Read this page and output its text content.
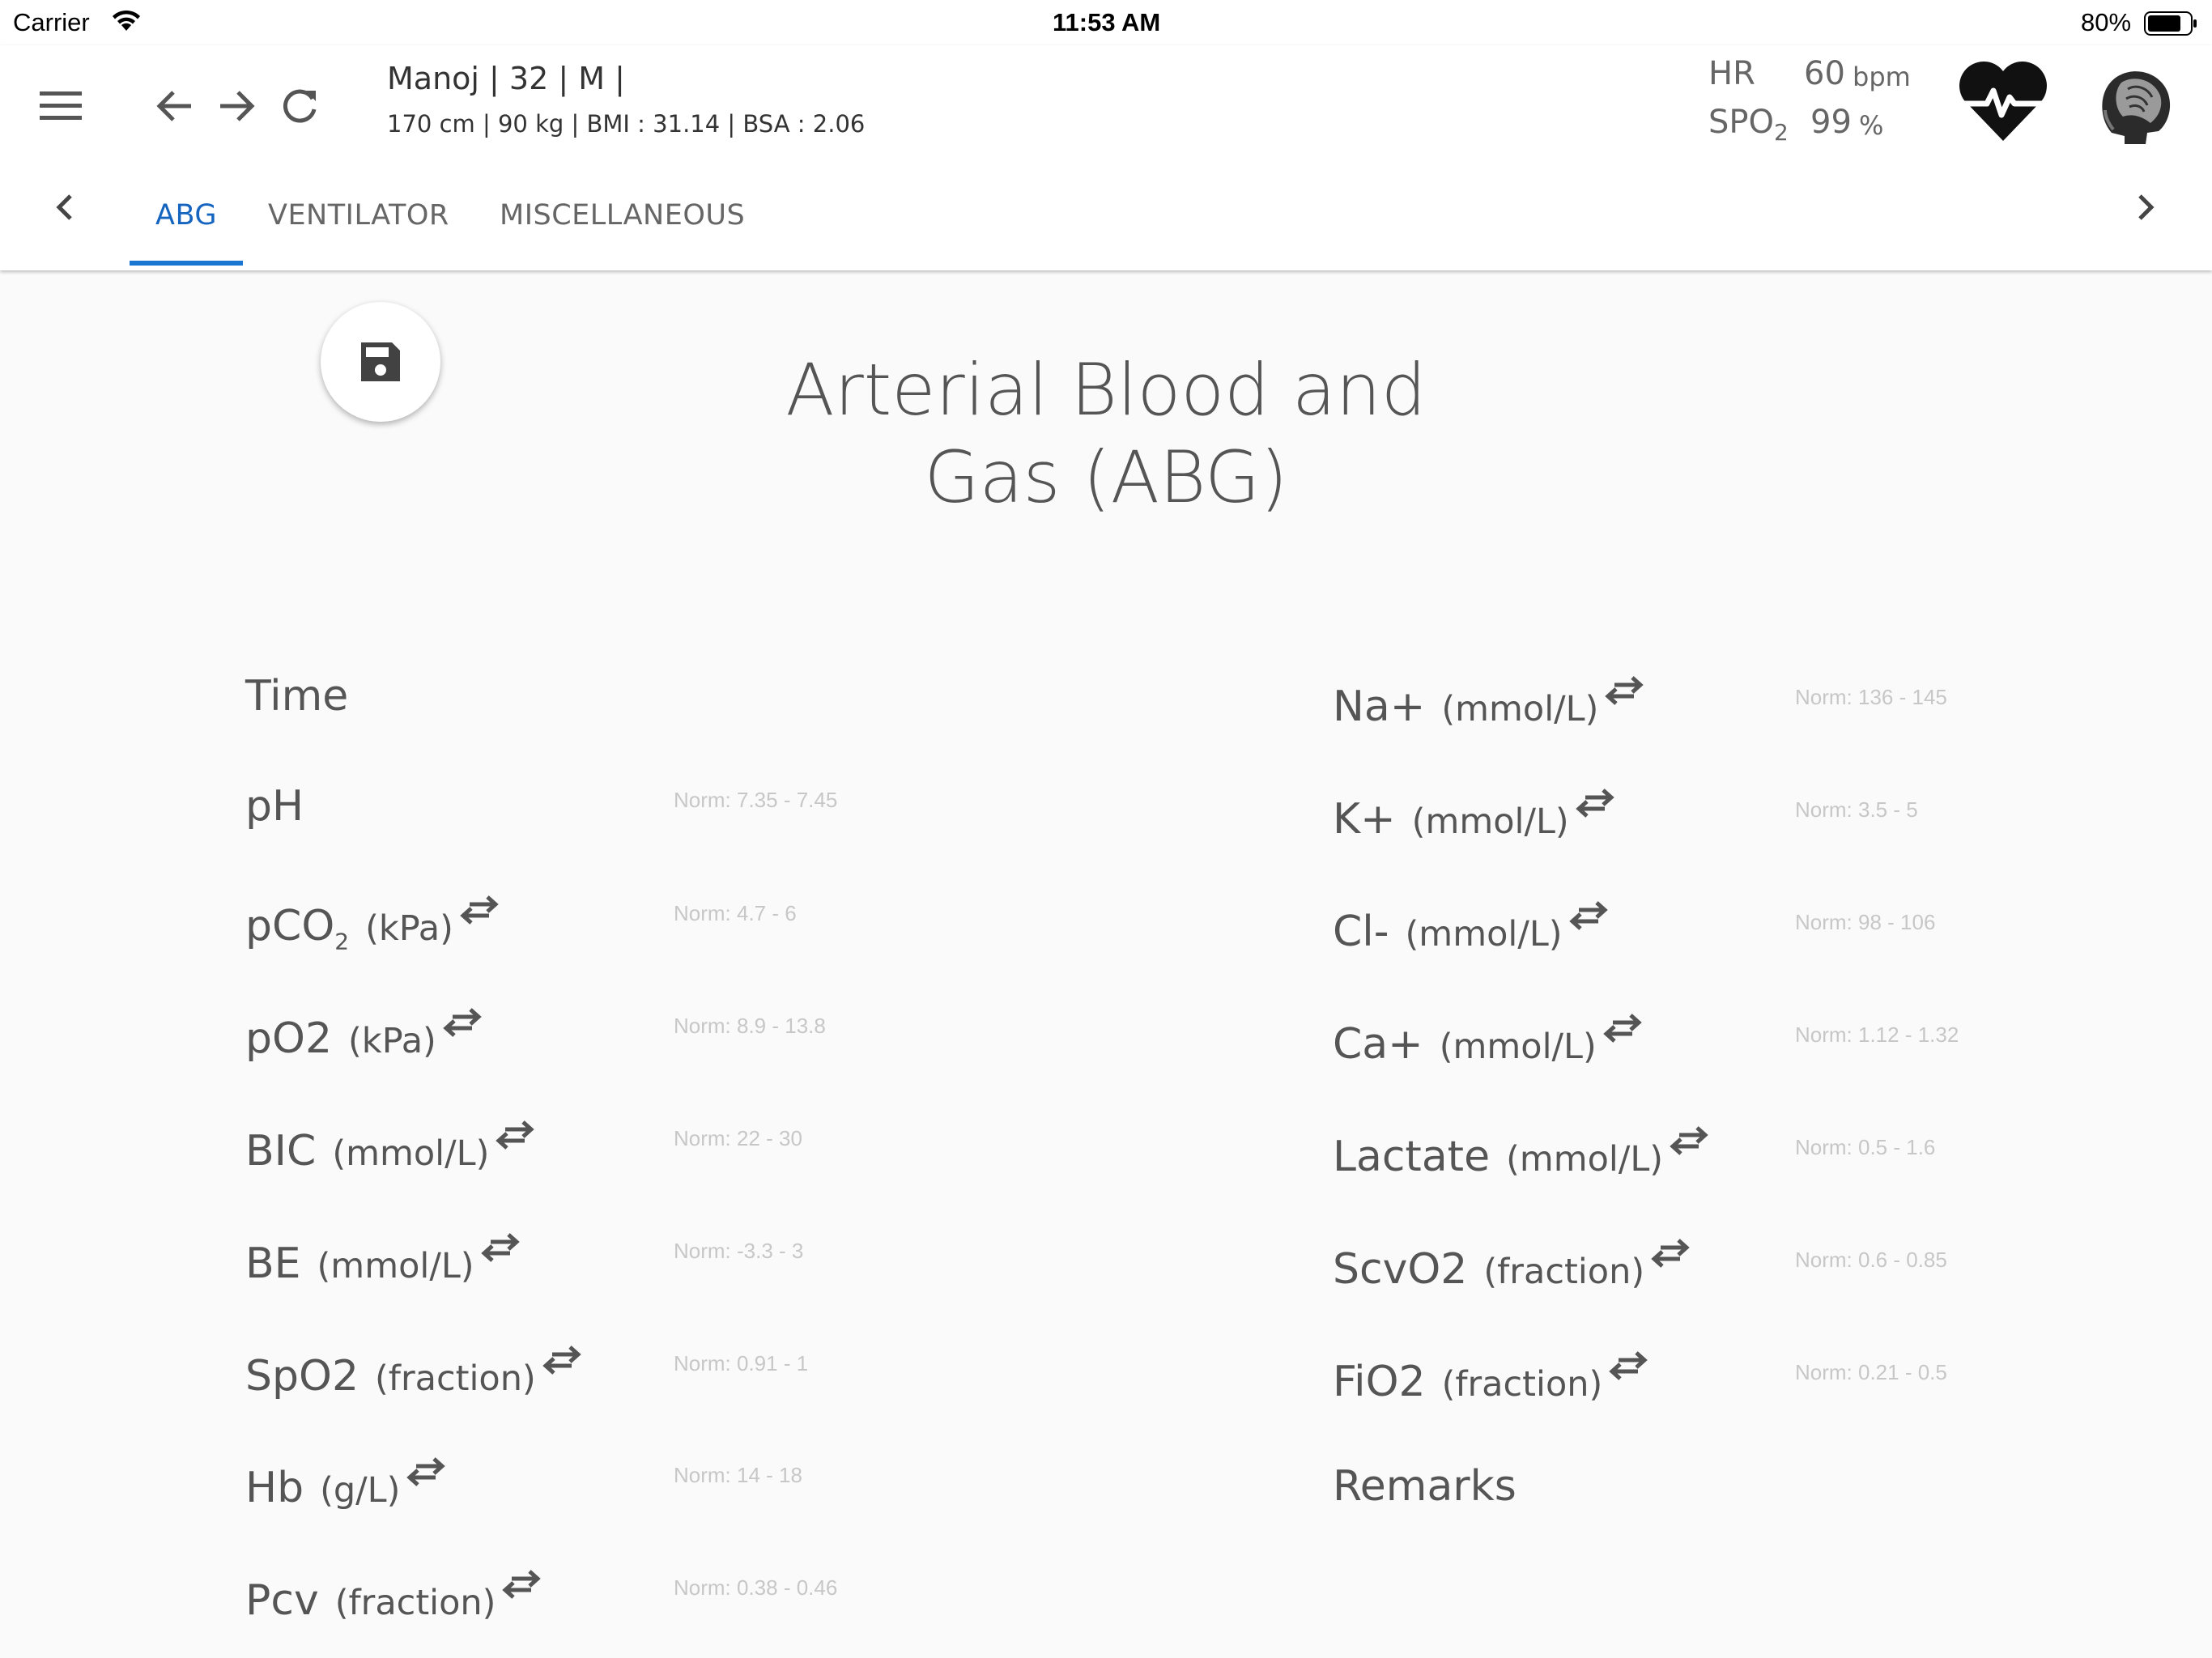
Carrier	11:53 AM	80%
Manoj | 32 | M |
170 cm | 90 kg | BMI : 31.14 | BSA : 2.06
HR 60 bpm
$SPO_2$ 99 %
ABG VENTILATOR MISCELLANEOUS
Arterial Blood and
Gas (ABG)
Time
pH	Norm: 7.35 - 7.45
pCO$_2$ (kPa)	Norm: 4.7 - 6
pO2 (kPa)	Norm: 8.9 - 13.8
BIC (mmol/L)	Norm: 22 - 30
BE (mmol/L)	Norm: -3.3 - 3
SpO2 (fraction)	Norm: 0.91 - 1
Hb (g/L)	Norm: 14 - 18
Pcv (fraction)	Norm: 0.38 - 0.46
Na+ (mmol/L)	Norm: 136 - 145
K+ (mmol/L)	Norm: 3.5 - 5
Cl- (mmol/L)	Norm: 98 - 106
Ca+ (mmol/L)	Norm: 1.12 - 1.32
Lactate (mmol/L)	Norm: 0.5 - 1.6
ScvO2 (fraction)	Norm: 0.6 - 0.85
FiO2 (fraction)	Norm: 0.21 - 0.5
Remarks
